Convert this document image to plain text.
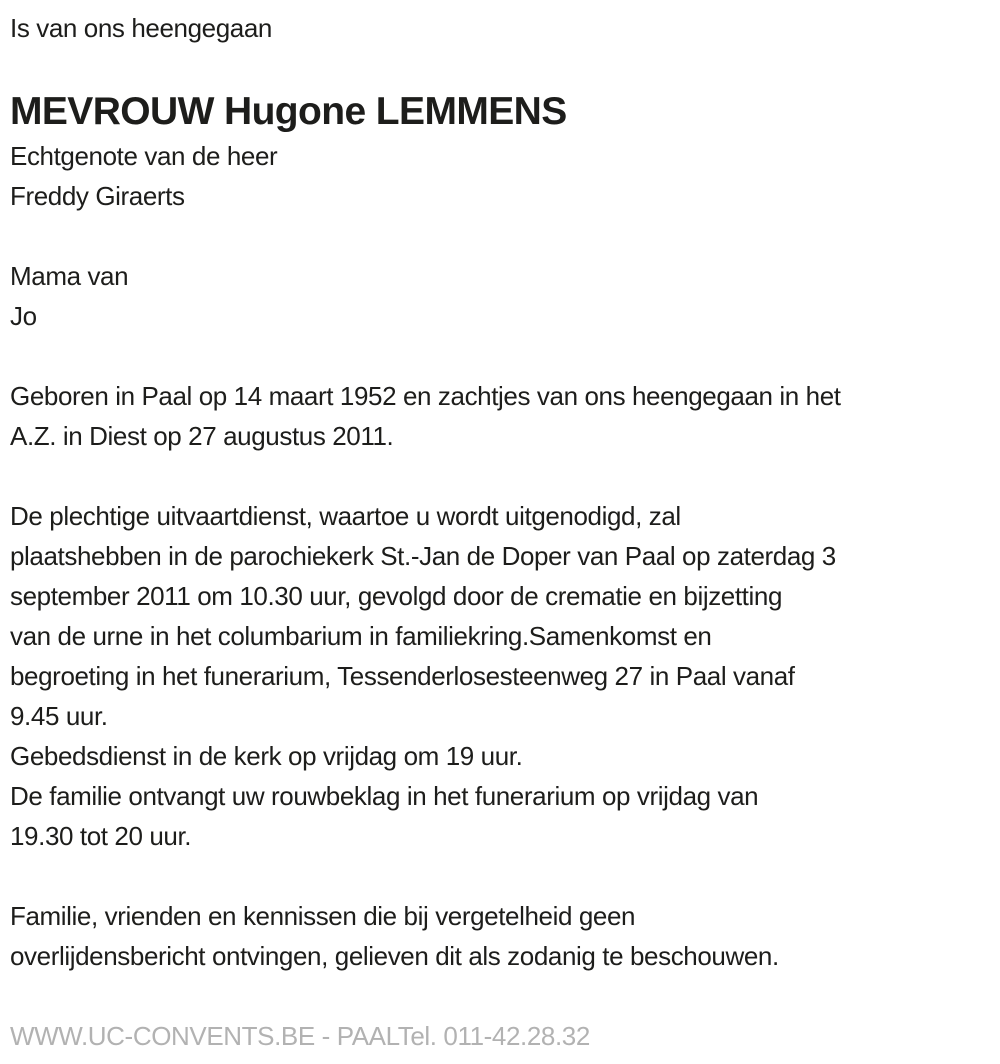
Is van ons heengegaan
MEVROUW Hugone LEMMENS
Echtgenote van de heer
Freddy Giraerts
Mama van
Jo
Geboren in Paal op 14 maart 1952 en zachtjes van ons heengegaan in het
A.Z. in Diest op 27 augustus 2011.
De plechtige uitvaartdienst, waartoe u wordt uitgenodigd, zal
plaatshebben in de parochiekerk St.-Jan de Doper van Paal op zaterdag 3
september 2011 om 10.30 uur, gevolgd door de crematie en bijzetting
van de urne in het columbarium in familiekring.Samenkomst en
begroeting in het funerarium, Tessenderlosesteenweg 27 in Paal vanaf
9.45 uur.
Gebedsdienst in de kerk op vrijdag om 19 uur.
De familie ontvangt uw rouwbeklag in het funerarium op vrijdag van
19.30 tot 20 uur.
Familie, vrienden en kennissen die bij vergetelheid geen
overlijdensbericht ontvingen, gelieven dit als zodanig te beschouwen.
WWW.UC-CONVENTS.BE - PAALTel. 011-42.28.32
